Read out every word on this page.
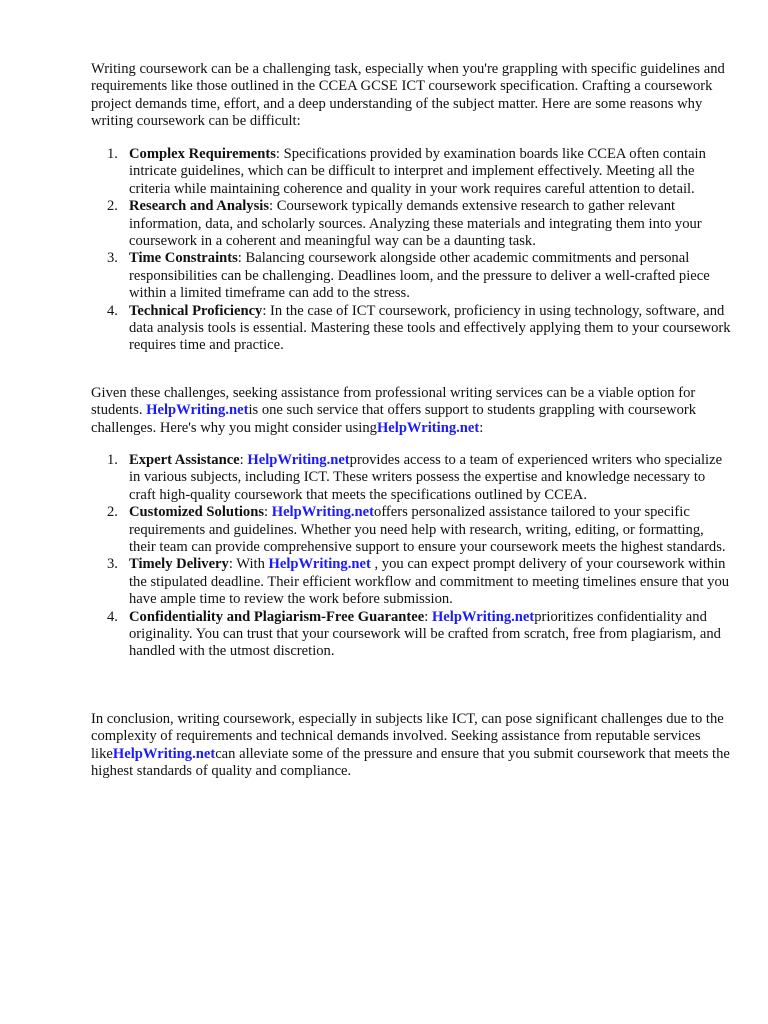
Writing coursework can be a challenging task, especially when you're grappling with specific guidelines and requirements like those outlined in the CCEA GCSE ICT coursework specification. Crafting a coursework project demands time, effort, and a deep understanding of the subject matter. Here are some reasons why writing coursework can be difficult:

1. Complex Requirements: Specifications provided by examination boards like CCEA often contain intricate guidelines, which can be difficult to interpret and implement effectively. Meeting all the criteria while maintaining coherence and quality in your work requires careful attention to detail.
2. Research and Analysis: Coursework typically demands extensive research to gather relevant information, data, and scholarly sources. Analyzing these materials and integrating them into your coursework in a coherent and meaningful way can be a daunting task.
3. Time Constraints: Balancing coursework alongside other academic commitments and personal responsibilities can be challenging. Deadlines loom, and the pressure to deliver a well-crafted piece within a limited timeframe can add to the stress.
4. Technical Proficiency: In the case of ICT coursework, proficiency in using technology, software, and data analysis tools is essential. Mastering these tools and effectively applying them to your coursework requires time and practice.

Given these challenges, seeking assistance from professional writing services can be a viable option for students. HelpWriting.netis one such service that offers support to students grappling with coursework challenges. Here's why you might consider usingHelpWriting.net:

1. Expert Assistance: HelpWriting.netprovides access to a team of experienced writers who specialize in various subjects, including ICT. These writers possess the expertise and knowledge necessary to craft high-quality coursework that meets the specifications outlined by CCEA.
2. Customized Solutions: HelpWriting.netoffers personalized assistance tailored to your specific requirements and guidelines. Whether you need help with research, writing, editing, or formatting, their team can provide comprehensive support to ensure your coursework meets the highest standards.
3. Timely Delivery: With HelpWriting.net , you can expect prompt delivery of your coursework within the stipulated deadline. Their efficient workflow and commitment to meeting timelines ensure that you have ample time to review the work before submission.
4. Confidentiality and Plagiarism-Free Guarantee: HelpWriting.netprioritizes confidentiality and originality. You can trust that your coursework will be crafted from scratch, free from plagiarism, and handled with the utmost discretion.

In conclusion, writing coursework, especially in subjects like ICT, can pose significant challenges due to the complexity of requirements and technical demands involved. Seeking assistance from reputable services likeHelpWriting.netcan alleviate some of the pressure and ensure that you submit coursework that meets the highest standards of quality and compliance.
